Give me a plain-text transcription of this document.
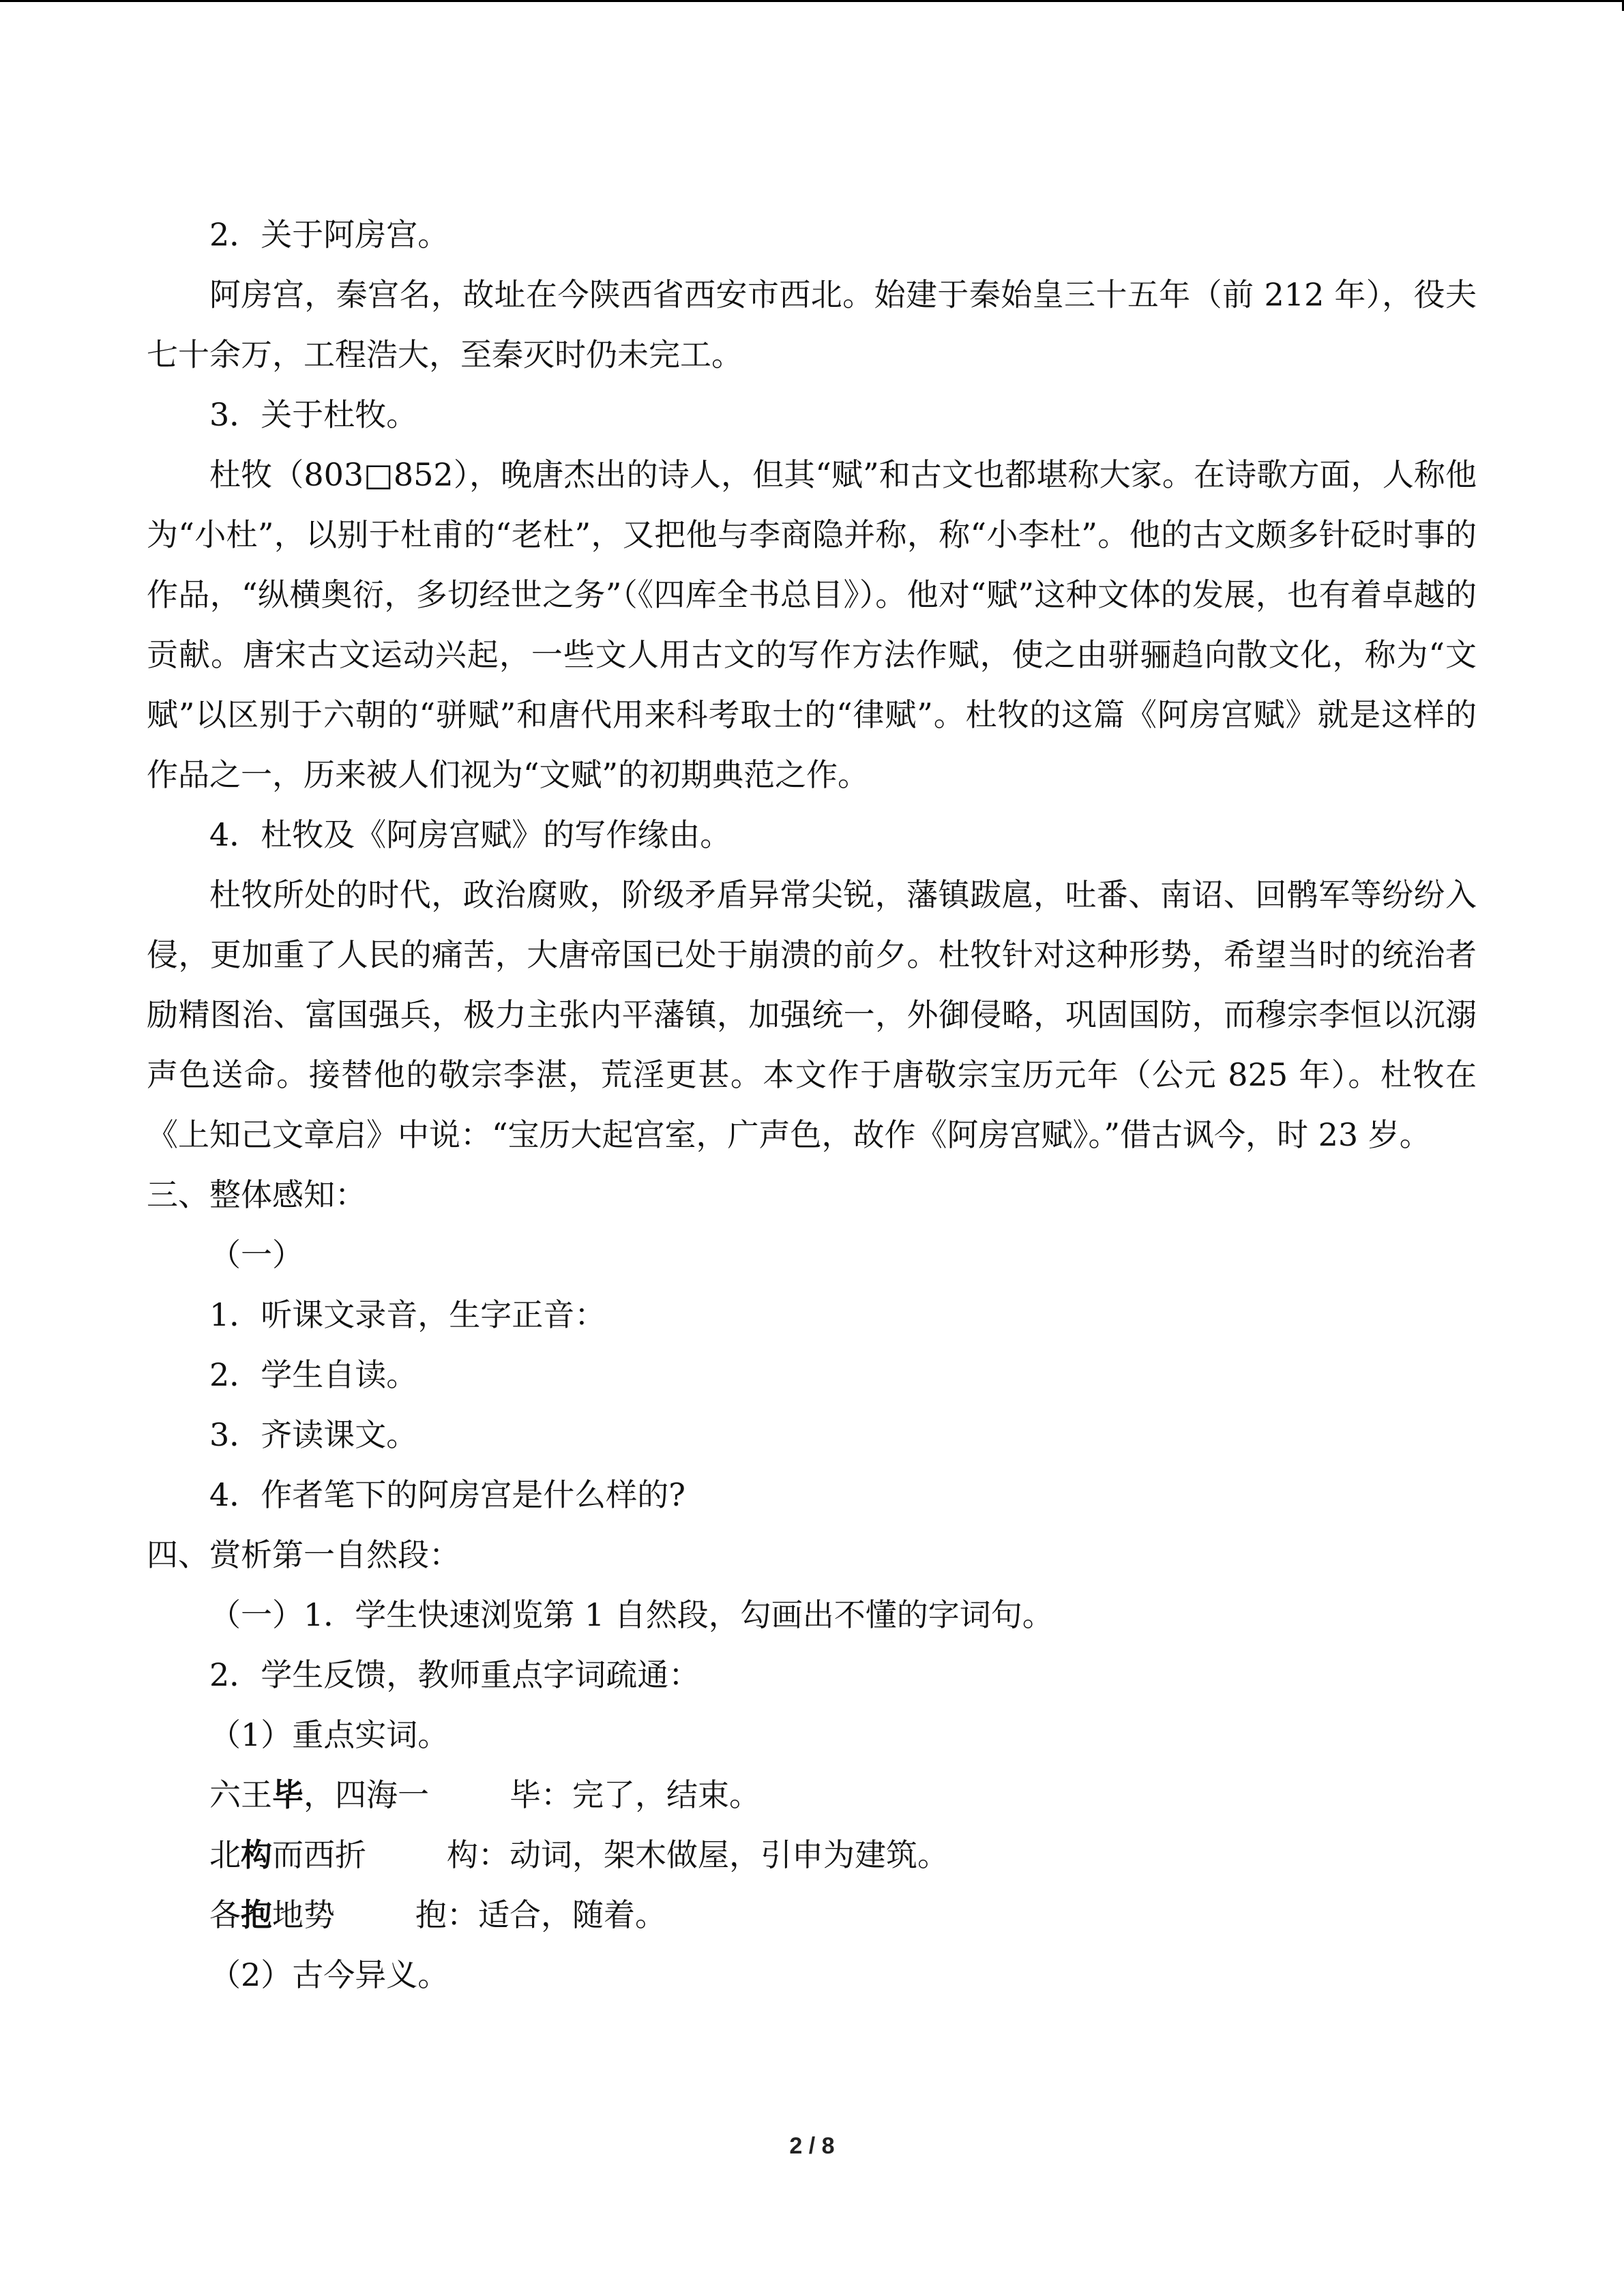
2．关于阿房宫。

阿房宫，秦宫名，故址在今陕西省西安市西北。始建于秦始皇三十五年（前 212 年），役夫七十余万，工程浩大，至秦灭时仍未完工。

3．关于杜牧。

杜牧（803□852），晚唐杰出的诗人，但其“赋”和古文也都堪称大家。在诗歌方面，人称他为“小杜”，以别于杜甫的“老杜”，又把他与李商隐并称，称“小李杜”。他的古文颇多针砭时事的作品，“纵横奥衍，多切经世之务”（《四库全书总目》）。他对“赋”这种文体的发展，也有着卓越的贡献。唐宋古文运动兴起，一些文人用古文的写作方法作赋，使之由骈骊趋向散文化，称为“文赋”以区别于六朝的“骈赋”和唐代用来科考取士的“律赋”。杜牧的这篇《阿房宫赋》就是这样的作品之一，历来被人们视为“文赋”的初期典范之作。

4．杜牧及《阿房宫赋》的写作缘由。

杜牧所处的时代，政治腐败，阶级矛盾异常尖锐，藩镇跋扈，吐番、南诏、回鹘军等纷纷入侵，更加重了人民的痛苦，大唐帝国已处于崩溃的前夕。杜牧针对这种形势，希望当时的统治者励精图治、富国强兵，极力主张内平藩镇，加强统一，外御侵略，巩固国防，而穆宗李恒以沉溺声色送命。接替他的敬宗李湛，荒淫更甚。本文作于唐敬宗宝历元年（公元 825 年）。杜牧在《上知己文章启》中说：“宝历大起宫室，广声色，故作《阿房宫赋》。”借古讽今，时 23 岁。

三、整体感知：

（一）

1．听课文录音，生字正音：

2．学生自读。

3．齐读课文。

4．作者笔下的阿房宫是什么样的?

四、赏析第一自然段：

（一）1．学生快速浏览第 1 自然段，勾画出不懂的字词句。

2．学生反馈，教师重点字词疏通：

（1）重点实词。

六王毕，四海一	毕：完了，结束。

北构而西折	构：动词，架木做屋，引申为建筑。

各抱地势	抱：适合，随着。

（2）古今异义。

2 / 8
